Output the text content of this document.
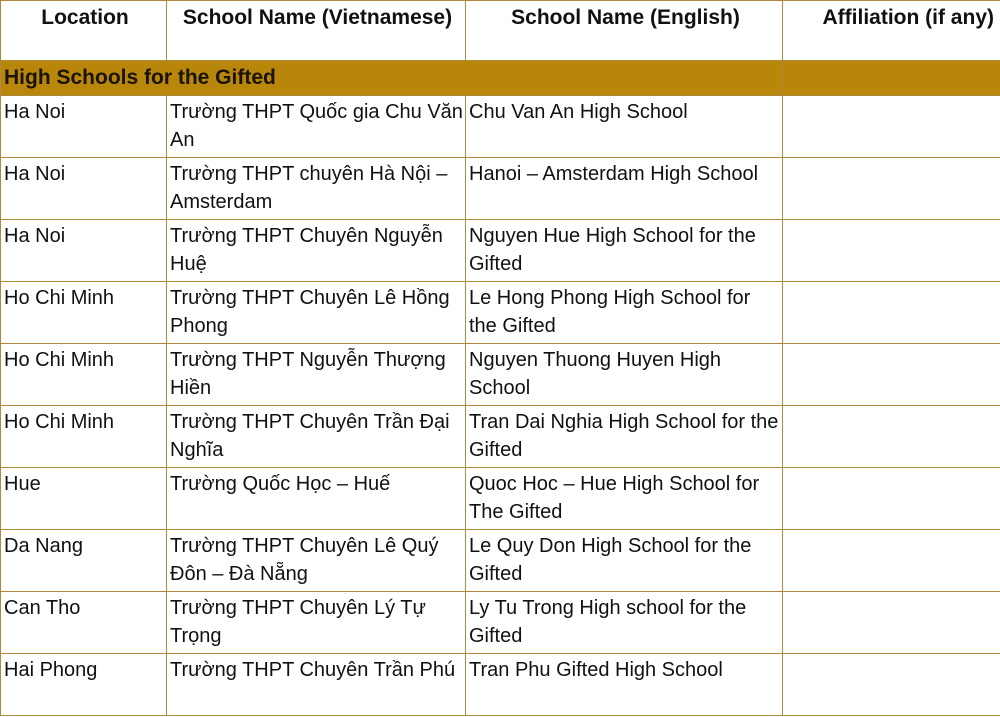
Location	School Name (Vietnamese)	School Name (English)	Affiliation (if any)
High Schools for the Gifted			
Ha Noi	Trường THPT Quốc gia Chu Văn An	Chu Van An High School	
Ha Noi	Trường THPT chuyên Hà Nội – Amsterdam	Hanoi – Amsterdam High School	
Ha Noi	Trường THPT Chuyên Nguyễn Huệ	Nguyen Hue High School for the Gifted	
Ho Chi Minh	Trường THPT Chuyên Lê Hồng Phong	Le Hong Phong High School for the Gifted	
Ho Chi Minh	Trường THPT Nguyễn Thượng Hiền	Nguyen Thuong Huyen High School	
Ho Chi Minh	Trường THPT Chuyên Trần Đại Nghĩa	Tran Dai Nghia High School for the Gifted	
Hue	Trường Quốc Học – Huế	Quoc Hoc – Hue High School for The Gifted	
Da Nang	Trường THPT Chuyên Lê Quý Đôn – Đà Nẵng	Le Quy Don High School for the Gifted	
Can Tho	Trường THPT Chuyên Lý Tự Trọng	Ly Tu Trong High school for the Gifted	
Hai Phong	Trường THPT Chuyên Trần Phú	Tran Phu Gifted High School	
